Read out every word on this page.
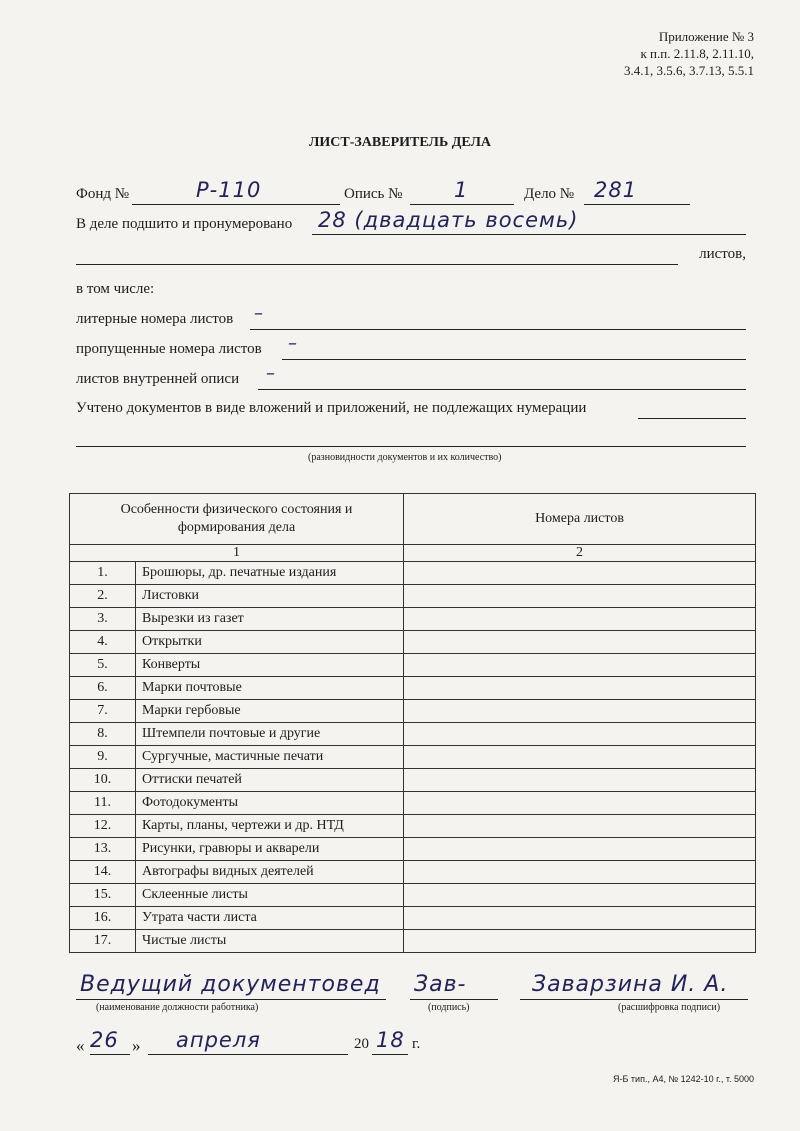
Приложение № 3
к п.п. 2.11.8, 2.11.10,
3.4.1, 3.5.6, 3.7.13, 5.5.1
ЛИСТ-ЗАВЕРИТЕЛЬ ДЕЛА
Фонд №	Р-110	Опись № 1	Дело № 281
В деле подшито и пронумеровано 28 (двадцать восемь)
листов,
в том числе:
литерные номера листов –
пропущенные номера листов –
листов внутренней описи –
Учтено документов в виде вложений и приложений, не подлежащих нумерации
(разновидности документов и их количество)
Особенности физического состояния и формирования дела		Номера листов
1		2
1.	Брошюры, др. печатные издания	
2.	Листовки	
3.	Вырезки из газет	
4.	Открытки	
5.	Конверты	
6.	Марки почтовые	
7.	Марки гербовые	
8.	Штемпели почтовые и другие	
9.	Сургучные, мастичные печати	
10.	Оттиски печатей	
11.	Фотодокументы	
12.	Карты, планы, чертежи и др. НТД	
13.	Рисунки, гравюры и акварели	
14.	Автографы видных деятелей	
15.	Склеенные листы	
16.	Утрата части листа	
17.	Чистые листы	
Ведущий документовед Зав-	Заварзина И. А.
(наименование должности работника)	(подпись)	(расшифровка подписи)
« 26 » апреля	20 18 г.
Я-Б тип., А4, № 1242-10 г., т. 5000
